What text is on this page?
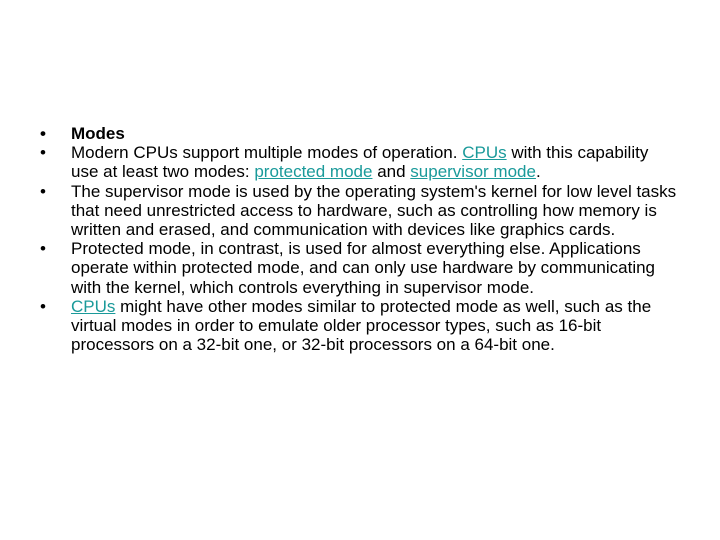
•	Modes
•	Modern CPUs support multiple modes of operation. CPUs with this capability use at least two modes: protected mode and supervisor mode.
•	The supervisor mode is used by the operating system's kernel for low level tasks that need unrestricted access to hardware, such as controlling how memory is written and erased, and communication with devices like graphics cards.
•	Protected mode, in contrast, is used for almost everything else. Applications operate within protected mode, and can only use hardware by communicating with the kernel, which controls everything in supervisor mode.
•	CPUs might have other modes similar to protected mode as well, such as the virtual modes in order to emulate older processor types, such as 16-bit processors on a 32-bit one, or 32-bit processors on a 64-bit one.
